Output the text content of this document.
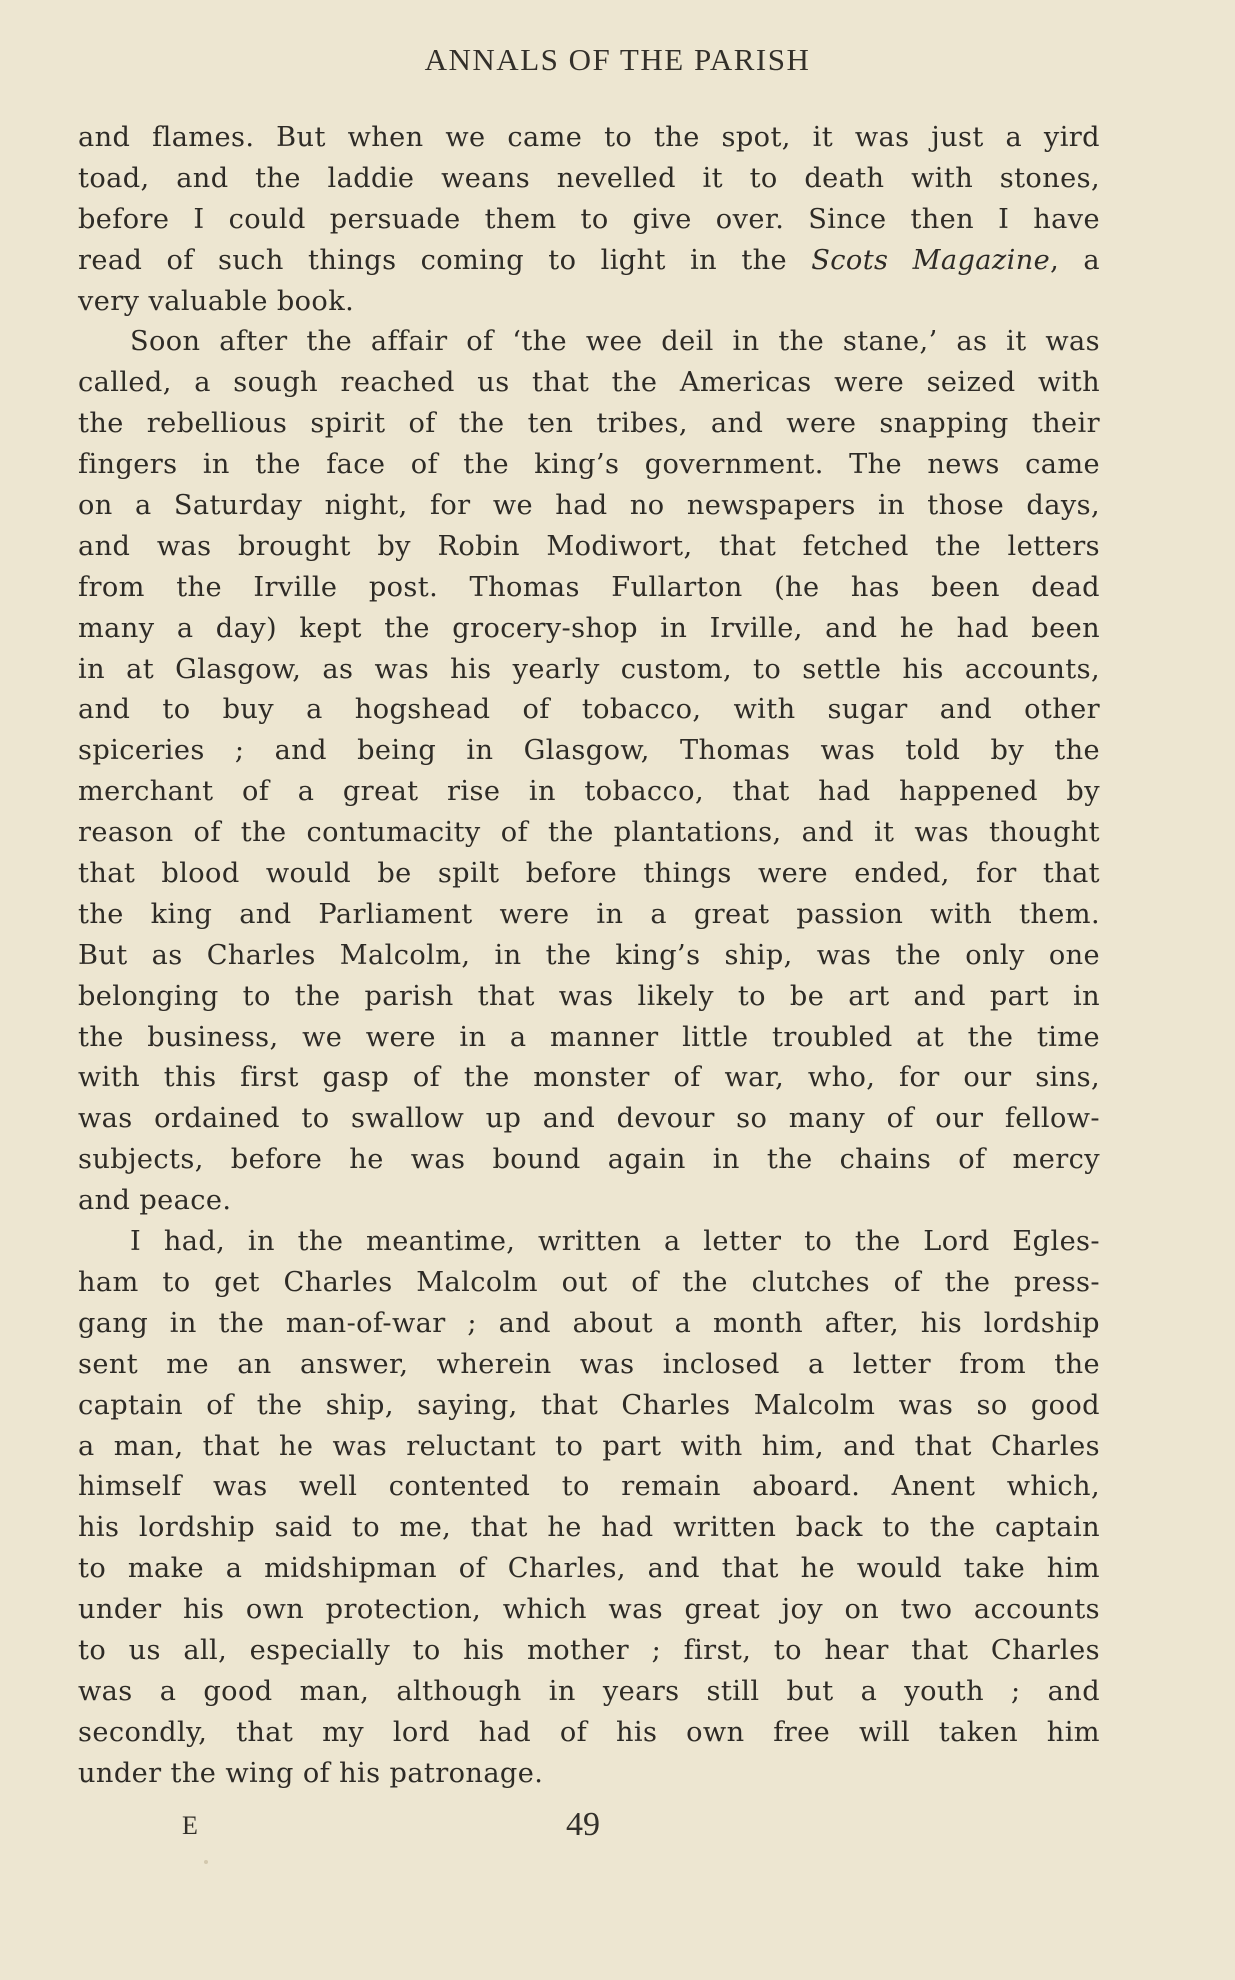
ANNALS OF THE PARISH
and flames. But when we came to the spot, it was just a yird
toad, and the laddie weans nevelled it to death with stones,
before I could persuade them to give over. Since then I have
read of such things coming to light in the Scots Magazine, a
very valuable book.
Soon after the affair of ‘the wee deil in the stane,’ as it was
called, a sough reached us that the Americas were seized with
the rebellious spirit of the ten tribes, and were snapping their
fingers in the face of the king’s government. The news came
on a Saturday night, for we had no newspapers in those days,
and was brought by Robin Modiwort, that fetched the letters
from the Irville post. Thomas Fullarton (he has been dead
many a day) kept the grocery-shop in Irville, and he had been
in at Glasgow, as was his yearly custom, to settle his accounts,
and to buy a hogshead of tobacco, with sugar and other
spiceries ; and being in Glasgow, Thomas was told by the
merchant of a great rise in tobacco, that had happened by
reason of the contumacity of the plantations, and it was thought
that blood would be spilt before things were ended, for that
the king and Parliament were in a great passion with them.
But as Charles Malcolm, in the king’s ship, was the only one
belonging to the parish that was likely to be art and part in
the business, we were in a manner little troubled at the time
with this first gasp of the monster of war, who, for our sins,
was ordained to swallow up and devour so many of our fellow-
subjects, before he was bound again in the chains of mercy
and peace.
I had, in the meantime, written a letter to the Lord Egles-
ham to get Charles Malcolm out of the clutches of the press-
gang in the man-of-war ; and about a month after, his lordship
sent me an answer, wherein was inclosed a letter from the
captain of the ship, saying, that Charles Malcolm was so good
a man, that he was reluctant to part with him, and that Charles
himself was well contented to remain aboard. Anent which,
his lordship said to me, that he had written back to the captain
to make a midshipman of Charles, and that he would take him
under his own protection, which was great joy on two accounts
to us all, especially to his mother ; first, to hear that Charles
was a good man, although in years still but a youth ; and
secondly, that my lord had of his own free will taken him
under the wing of his patronage.
E	49
